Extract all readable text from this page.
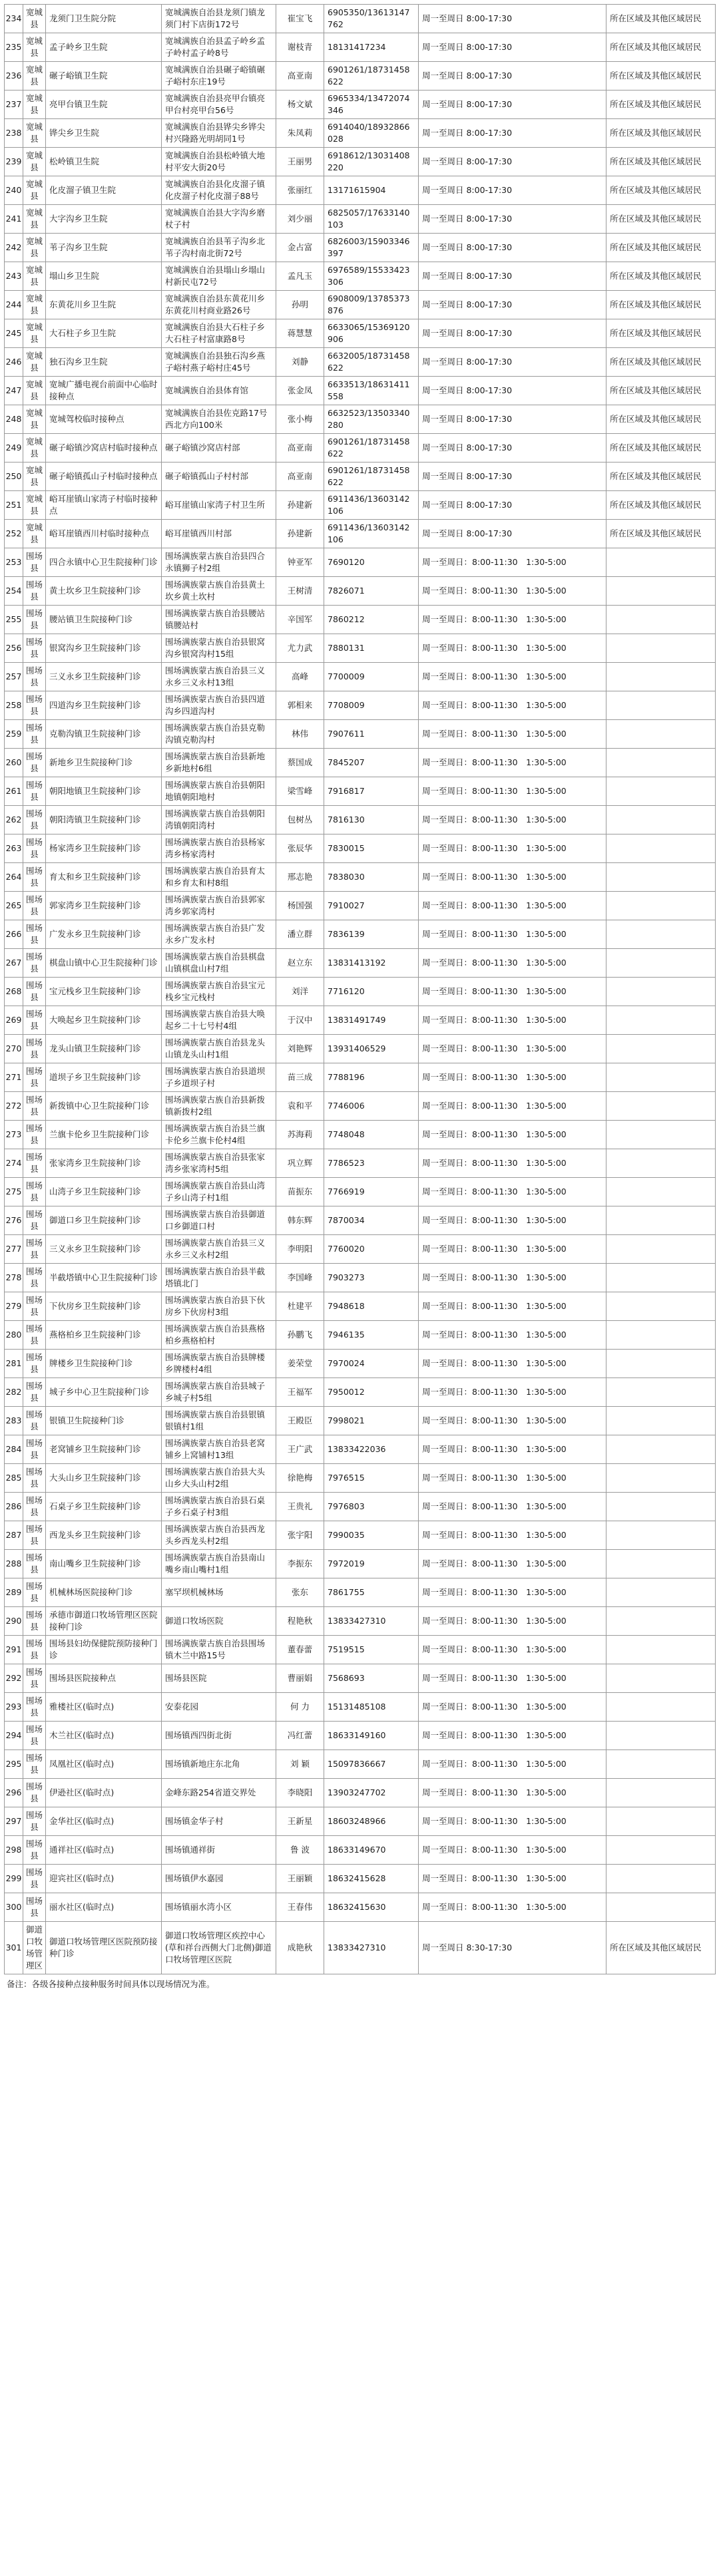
234	宽城县	龙须门卫生院分院	宽城满族自治县龙须门镇龙须门村下店街172号	崔宝飞	6905350/13613147762	周一至周日 8:00-17:30	所在区域及其他区域居民
235	宽城县	孟子岭乡卫生院	宽城满族自治县孟子岭乡孟子岭村孟子岭8号	谢枝青	18131417234	周一至周日 8:00-17:30	所在区域及其他区域居民
236	宽城县	碾子峪镇卫生院	宽城满族自治县碾子峪镇碾子峪村东庄19号	高亚南	6901261/18731458622	周一至周日 8:00-17:30	所在区域及其他区域居民
237	宽城县	亮甲台镇卫生院	宽城满族自治县亮甲台镇亮甲台村亮甲台56号	杨文斌	6965334/13472074346	周一至周日 8:00-17:30	所在区域及其他区域居民
238	宽城县	铧尖乡卫生院	宽城满族自治县铧尖乡铧尖村兴隆路光明胡同1号	朱凤莉	6914040/18932866028	周一至周日 8:00-17:30	所在区域及其他区域居民
239	宽城县	松岭镇卫生院	宽城满族自治县松岭镇大地村平安大街20号	王丽男	6918612/13031408220	周一至周日 8:00-17:30	所在区域及其他区域居民
240	宽城县	化皮溜子镇卫生院	宽城满族自治县化皮溜子镇化皮溜子村化皮溜子88号	张丽红	13171615904	周一至周日 8:00-17:30	所在区域及其他区域居民
241	宽城县	大字沟乡卫生院	宽城满族自治县大字沟乡磨杖子村	刘少丽	6825057/17633140103	周一至周日 8:00-17:30	所在区域及其他区域居民
242	宽城县	苇子沟乡卫生院	宽城满族自治县苇子沟乡北苇子沟村南北街72号	金占富	6826003/15903346397	周一至周日 8:00-17:30	所在区域及其他区域居民
243	宽城县	塌山乡卫生院	宽城满族自治县塌山乡塌山村新民屯72号	孟凡玉	6976589/15533423306	周一至周日 8:00-17:30	所在区域及其他区域居民
244	宽城县	东黄花川乡卫生院	宽城满族自治县东黄花川乡东黄花川村商业路26号	孙明	6908009/13785373876	周一至周日 8:00-17:30	所在区域及其他区域居民
245	宽城县	大石柱子乡卫生院	宽城满族自治县大石柱子乡大石柱子村富康路8号	蒋慧慧	6633065/15369120906	周一至周日 8:00-17:30	所在区域及其他区域居民
246	宽城县	独石沟乡卫生院	宽城满族自治县独石沟乡燕子峪村燕子峪村庄45号	刘静	6632005/18731458622	周一至周日 8:00-17:30	所在区域及其他区域居民
247	宽城县	宽城广播电视台前面中心临时接种点	宽城满族自治县体育馆	张金凤	6633513/18631411558	周一至周日 8:00-17:30	所在区域及其他区域居民
248	宽城县	宽城驾校临时接种点	宽城满族自治县佐克路17号西北方向100米	张小梅	6632523/13503340280	周一至周日 8:00-17:30	所在区域及其他区域居民
249	宽城县	碾子峪镇沙窝店村临时接种点	碾子峪镇沙窝店村部	高亚南	6901261/18731458622	周一至周日 8:00-17:30	所在区域及其他区域居民
250	宽城县	碾子峪镇孤山子村临时接种点	碾子峪镇孤山子村村部	高亚南	6901261/18731458622	周一至周日 8:00-17:30	所在区域及其他区域居民
251	宽城县	峪耳崖镇山家湾子村临时接种点	峪耳崖镇山家湾子村卫生所	孙建新	6911436/13603142106	周一至周日 8:00-17:30	所在区域及其他区域居民
252	宽城县	峪耳崖镇西川村临时接种点	峪耳崖镇西川村部	孙建新	6911436/13603142106	周一至周日 8:00-17:30	所在区域及其他区域居民
253	围场县	四合永镇中心卫生院接种门诊	围场满族蒙古族自治县四合永镇狮子村2组	钟亚军	7690120	周一至周日：8:00-11:30　1:30-5:00	
254	围场县	黄土坎乡卫生院接种门诊	围场满族蒙古族自治县黄土坎乡黄土坎村	王树清	7826071	周一至周日：8:00-11:30　1:30-5:00	
255	围场县	腰站镇卫生院接种门诊	围场满族蒙古族自治县腰站镇腰站村	辛国军	7860212	周一至周日：8:00-11:30　1:30-5:00	
256	围场县	银窝沟乡卫生院接种门诊	围场满族蒙古族自治县银窝沟乡银窝沟村15组	尤力武	7880131	周一至周日：8:00-11:30　1:30-5:00	
257	围场县	三义永乡卫生院接种门诊	围场满族蒙古族自治县三义永乡三义永村13组	高峰	7700009	周一至周日：8:00-11:30　1:30-5:00	
258	围场县	四道沟乡卫生院接种门诊	围场满族蒙古族自治县四道沟乡四道沟村	郭相来	7708009	周一至周日：8:00-11:30　1:30-5:00	
259	围场县	克勒沟镇卫生院接种门诊	围场满族蒙古族自治县克勒沟镇克勒沟村	林伟	7907611	周一至周日：8:00-11:30　1:30-5:00	
260	围场县	新地乡卫生院接种门诊	围场满族蒙古族自治县新地乡新地村6组	蔡国成	7845207	周一至周日：8:00-11:30　1:30-5:00	
261	围场县	朝阳地镇卫生院接种门诊	围场满族蒙古族自治县朝阳地镇朝阳地村	梁雪峰	7916817	周一至周日：8:00-11:30　1:30-5:00	
262	围场县	朝阳湾镇卫生院接种门诊	围场满族蒙古族自治县朝阳湾镇朝阳湾村	包树丛	7816130	周一至周日：8:00-11:30　1:30-5:00	
263	围场县	杨家湾乡卫生院接种门诊	围场满族蒙古族自治县杨家湾乡杨家湾村	张辰华	7830015	周一至周日：8:00-11:30　1:30-5:00	
264	围场县	育太和乡卫生院接种门诊	围场满族蒙古族自治县育太和乡育太和村8组	邢志艳	7838030	周一至周日：8:00-11:30　1:30-5:00	
265	围场县	郭家湾乡卫生院接种门诊	围场满族蒙古族自治县郭家湾乡郭家湾村	杨国强	7910027	周一至周日：8:00-11:30　1:30-5:00	
266	围场县	广发永乡卫生院接种门诊	围场满族蒙古族自治县广发永乡广发永村	潘立群	7836139	周一至周日：8:00-11:30　1:30-5:00	
267	围场县	棋盘山镇中心卫生院接种门诊	围场满族蒙古族自治县棋盘山镇棋盘山村7组	赵立东	13831413192	周一至周日：8:00-11:30　1:30-5:00	
268	围场县	宝元栈乡卫生院接种门诊	围场满族蒙古族自治县宝元栈乡宝元栈村	刘洋	7716120	周一至周日：8:00-11:30　1:30-5:00	
269	围场县	大唤起乡卫生院接种门诊	围场满族蒙古族自治县大唤起乡二十七号村4组	于汉中	13831491749	周一至周日：8:00-11:30　1:30-5:00	
270	围场县	龙头山镇卫生院接种门诊	围场满族蒙古族自治县龙头山镇龙头山村1组	刘艳辉	13931406529	周一至周日：8:00-11:30　1:30-5:00	
271	围场县	道坝子乡卫生院接种门诊	围场满族蒙古族自治县道坝子乡道坝子村	苗三成	7788196	周一至周日：8:00-11:30　1:30-5:00	
272	围场县	新拨镇中心卫生院接种门诊	围场满族蒙古族自治县新拨镇新拨村2组	袁和平	7746006	周一至周日：8:00-11:30　1:30-5:00	
273	围场县	兰旗卡伦乡卫生院接种门诊	围场满族蒙古族自治县兰旗卡伦乡兰旗卡伦村4组	苏海莉	7748048	周一至周日：8:00-11:30　1:30-5:00	
274	围场县	张家湾乡卫生院接种门诊	围场满族蒙古族自治县张家湾乡张家湾村5组	巩立辉	7786523	周一至周日：8:00-11:30　1:30-5:00	
275	围场县	山湾子乡卫生院接种门诊	围场满族蒙古族自治县山湾子乡山湾子村1组	苗振东	7766919	周一至周日：8:00-11:30　1:30-5:00	
276	围场县	御道口乡卫生院接种门诊	围场满族蒙古族自治县御道口乡御道口村	韩东辉	7870034	周一至周日：8:00-11:30　1:30-5:00	
277	围场县	三义永乡卫生院接种门诊	围场满族蒙古族自治县三义永乡三义永村2组	李明阳	7760020	周一至周日：8:00-11:30　1:30-5:00	
278	围场县	半截塔镇中心卫生院接种门诊	围场满族蒙古族自治县半截塔镇北门	李国峰	7903273	周一至周日：8:00-11:30　1:30-5:00	
279	围场县	下伙房乡卫生院接种门诊	围场满族蒙古族自治县下伙房乡下伙房村3组	杜建平	7948618	周一至周日：8:00-11:30　1:30-5:00	
280	围场县	燕格柏乡卫生院接种门诊	围场满族蒙古族自治县燕格柏乡燕格柏村	孙鹏飞	7946135	周一至周日：8:00-11:30　1:30-5:00	
281	围场县	牌楼乡卫生院接种门诊	围场满族蒙古族自治县牌楼乡牌楼村4组	姜荣堂	7970024	周一至周日：8:00-11:30　1:30-5:00	
282	围场县	城子乡中心卫生院接种门诊	围场满族蒙古族自治县城子乡城子村5组	王福军	7950012	周一至周日：8:00-11:30　1:30-5:00	
283	围场县	银镇卫生院接种门诊	围场满族蒙古族自治县银镇银镇村1组	王殿臣	7998021	周一至周日：8:00-11:30　1:30-5:00	
284	围场县	老窝铺乡卫生院接种门诊	围场满族蒙古族自治县老窝铺乡上窝铺村13组	王广武	13833422036	周一至周日：8:00-11:30　1:30-5:00	
285	围场县	大头山乡卫生院接种门诊	围场满族蒙古族自治县大头山乡大头山村2组	徐艳梅	7976515	周一至周日：8:00-11:30　1:30-5:00	
286	围场县	石桌子乡卫生院接种门诊	围场满族蒙古族自治县石桌子乡石桌子村3组	王贵礼	7976803	周一至周日：8:00-11:30　1:30-5:00	
287	围场县	西龙头乡卫生院接种门诊	围场满族蒙古族自治县西龙头乡西龙头村2组	张宇阳	7990035	周一至周日：8:00-11:30　1:30-5:00	
288	围场县	南山嘴乡卫生院接种门诊	围场满族蒙古族自治县南山嘴乡南山嘴村1组	李振东	7972019	周一至周日：8:00-11:30　1:30-5:00	
289	围场县	机械林场医院接种门诊	塞罕坝机械林场	张东	7861755	周一至周日：8:00-11:30　1:30-5:00	
290	围场县	承德市御道口牧场管理区医院接种门诊	御道口牧场医院	程艳秋	13833427310	周一至周日：8:00-11:30　1:30-5:00	
291	围场县	围场县妇幼保健院预防接种门诊	围场满族蒙古族自治县围场镇木兰中路15号	董春蕾	7519515	周一至周日：8:00-11:30　1:30-5:00	
292	围场县	围场县医院接种点	围场县医院	曹丽娟	7568693	周一至周日：8:00-11:30　1:30-5:00	
293	围场县	雅楼社区(临时点)	安泰花园	何 力	15131485108	周一至周日：8:00-11:30　1:30-5:00	
294	围场县	木兰社区(临时点)	围场镇西四街北街	冯红蕾	18633149160	周一至周日：8:00-11:30　1:30-5:00	
295	围场县	凤凰社区(临时点)	围场镇新地庄东北角	刘 颖	15097836667	周一至周日：8:00-11:30　1:30-5:00	
296	围场县	伊逊社区(临时点)	金峰东路254省道交界处	李晓阳	13903247702	周一至周日：8:00-11:30　1:30-5:00	
297	围场县	金华社区(临时点)	围场镇金华子村	王新星	18603248966	周一至周日：8:00-11:30　1:30-5:00	
298	围场县	通祥社区(临时点)	围场镇通祥街	鲁 波	18633149670	周一至周日：8:00-11:30　1:30-5:00	
299	围场县	迎宾社区(临时点)	围场镇伊水嘉园	王丽颖	18632415628	周一至周日：8:00-11:30　1:30-5:00	
300	围场县	丽水社区(临时点)	围场镇丽水湾小区	王春伟	18632415630	周一至周日：8:00-11:30　1:30-5:00	
301	御道口牧场管理区	御道口牧场管理区医院预防接种门诊	御道口牧场管理区疾控中心(草和祥台西侧大门北侧)御道口牧场管理区医院	成艳秋	13833427310	周一至周日 8:30-17:30	所在区域及其他区域居民
备注：各级各接种点接种服务时间具体以现场情况为准。
